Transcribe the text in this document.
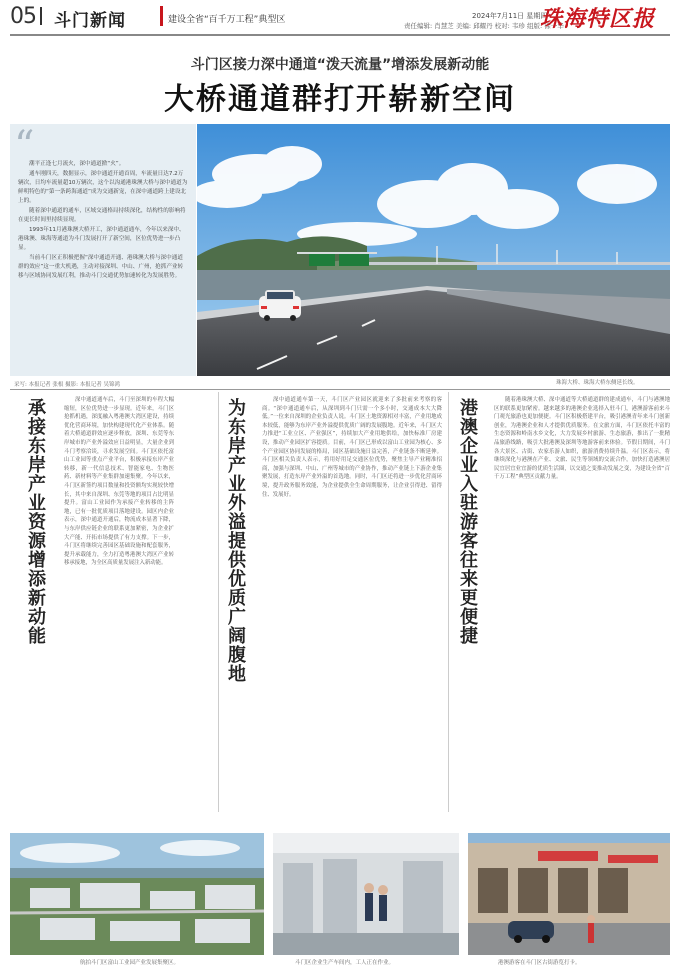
05	斗门新闻	建设全省“百千万工程”典型区	2024年7月11日 星期四
责任编辑: 肖慧芝 美编: 邱耀丹 校对: 韦珍 组版: 徐一华
珠海特区报
斗门区接力深中通道“泼天流量”增添发展新动能
大桥通道群打开崭新空间

潮平正逢七月流火，深中通道掀“火”。

通车刚四天，数据显示，深中通道开通首周，车流量日达7.2万辆次，日均车流量超10万辆次，这个以沟通港珠澳大桥与深中通道为鲜明特色的“第一条跨海通道”成为交通新宠，在深中通道跨上建设北上的。

随着深中通道的通车，区域交通格局持续深化，结构性的影响将在更长时间里持续显现。

1993年11月港珠澳大桥开工，深中通道通车，今年以来深中、港珠澳、珠海等通道为斗门发展打开了新空间，区位优势进一步凸显。

当前斗门区正积极把握“深中通道开通、港珠澳大桥与深中通道群的效应”这一重大机遇，主动对接深圳、中山、广州，抢抓产业转移与区域协同发展红利，推动斗门交通优势加速转化为发展胜势。

“
珠海大桥、珠海大桥东侧延长线。
采写: 本报记者 张根 摄影: 本报记者 吴锦鸿
承接东岸产业资源增添新动能	深中通道通车后，斗门至深圳的车程大幅缩短，区位优势进一步显现。近年来，斗门区抢抓机遇，深度融入粤港澳大湾区建设，持续优化营商环境，加快构建现代化产业体系。随着大桥通道群效应逐步释放，深圳、东莞等东岸城市的产业外溢效应日益明显，大量企业到斗门考察洽谈，寻求发展空间。斗门区依托富山工业园等重点产业平台，积极承接东岸产业转移，新一代信息技术、智能家电、生物医药、新材料等产业集群加速集聚。今年以来，斗门区新签约项目数量和投资额均实现较快增长，其中来自深圳、东莞等地的项目占比明显提升。富山工业园作为承接产业转移的主阵地，已有一批优质项目落地建设。园区内企业表示，深中通道开通后，物流成本显著下降，与东岸供应链企业的联系更加紧密，为企业扩大产能、开拓市场提供了有力支撑。下一步，斗门区将继续完善园区基础设施和配套服务，提升承载能力，全力打造粤港澳大湾区产业转移承接地，为全区高质量发展注入新动能。	为东岸产业外溢提供优质广阔腹地	深中通道通车第一天，斗门区产业园区就迎来了多批前来考察的客商。“深中通道通车后，从深圳到斗门只需一个多小时，交通成本大大降低。”一位来自深圳的企业负责人说。斗门区土地资源相对丰富，产业用地成本较低，能够为东岸产业外溢提供优质广阔的发展腹地。近年来，斗门区大力推进“工业立区、产业强区”，持续加大产业用地供给，加快标准厂房建设，推动产业园区扩容提质。目前，斗门区已形成以富山工业园为核心、多个产业园区协同发展的格局，园区基础设施日益完善，产业链条不断延伸。斗门区相关负责人表示，将用好用足交通区位优势，聚焦主导产业精准招商，加强与深圳、中山、广州等城市的产业协作，推动产业链上下游企业集聚发展，打造东岸产业外溢的首选地。同时，斗门区还将进一步优化营商环境，提升政务服务效能，为企业提供全生命周期服务，让企业引得进、留得住、发展好。	港澳企业入驻游客往来更便捷	随着港珠澳大桥、深中通道等大桥通道群的建成通车，斗门与港澳地区的联系更加紧密。越来越多的港澳企业选择入驻斗门，港澳游客前来斗门观光旅游也更加便捷。斗门区积极搭建平台，吸引港澳青年来斗门创新创业，为港澳企业和人才提供优质服务。在文旅方面，斗门区依托丰富的生态资源和岭南水乡文化，大力发展乡村旅游、生态旅游，推出了一批精品旅游线路，吸引大批港澳及深圳等地游客前来体验。节假日期间，斗门各大景区、古街、农家乐游人如织，旅游消费持续升温。斗门区表示，将继续深化与港澳在产业、文旅、民生等领域的交流合作，加快打造港澳居民宜居宜业宜游的优质生活圈，以交通之变推动发展之变，为建设全省“百千万工程”典型区贡献力量。

航拍斗门区富山工业园产业发展集聚区。	斗门区企业生产车间内，工人正在作业。	港澳游客在斗门区古街游览打卡。
